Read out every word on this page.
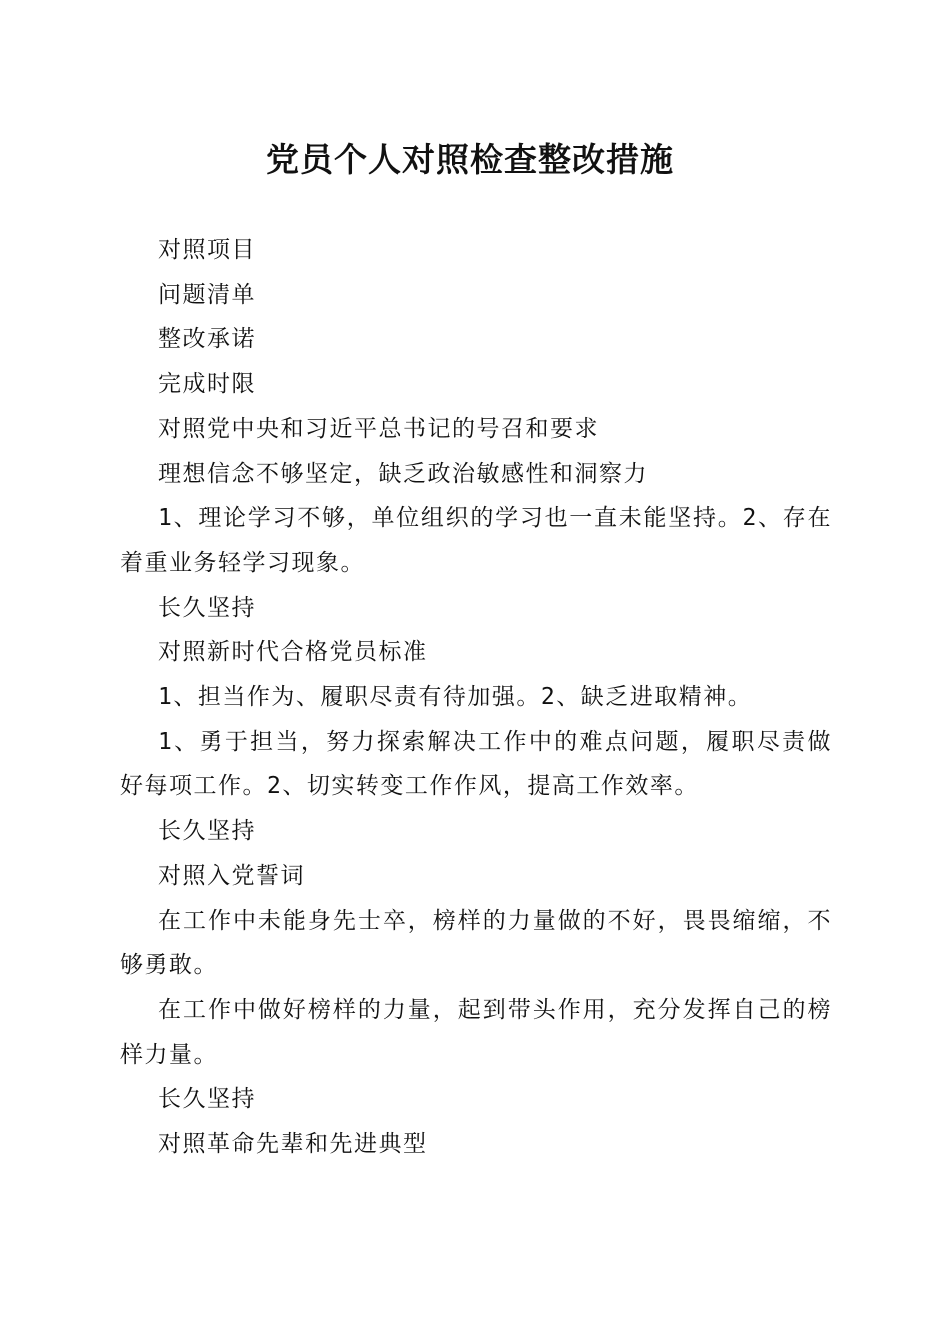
党员个人对照检查整改措施

对照项目

问题清单

整改承诺

完成时限

对照党中央和习近平总书记的号召和要求

理想信念不够坚定，缺乏政治敏感性和洞察力

1、理论学习不够，单位组织的学习也一直未能坚持。2、存在着重业务轻学习现象。

长久坚持

对照新时代合格党员标准

1、担当作为、履职尽责有待加强。2、缺乏进取精神。

1、勇于担当，努力探索解决工作中的难点问题，履职尽责做好每项工作。2、切实转变工作作风，提高工作效率。

长久坚持

对照入党誓词

在工作中未能身先士卒，榜样的力量做的不好，畏畏缩缩，不够勇敢。

在工作中做好榜样的力量，起到带头作用，充分发挥自己的榜样力量。

长久坚持

对照革命先辈和先进典型
